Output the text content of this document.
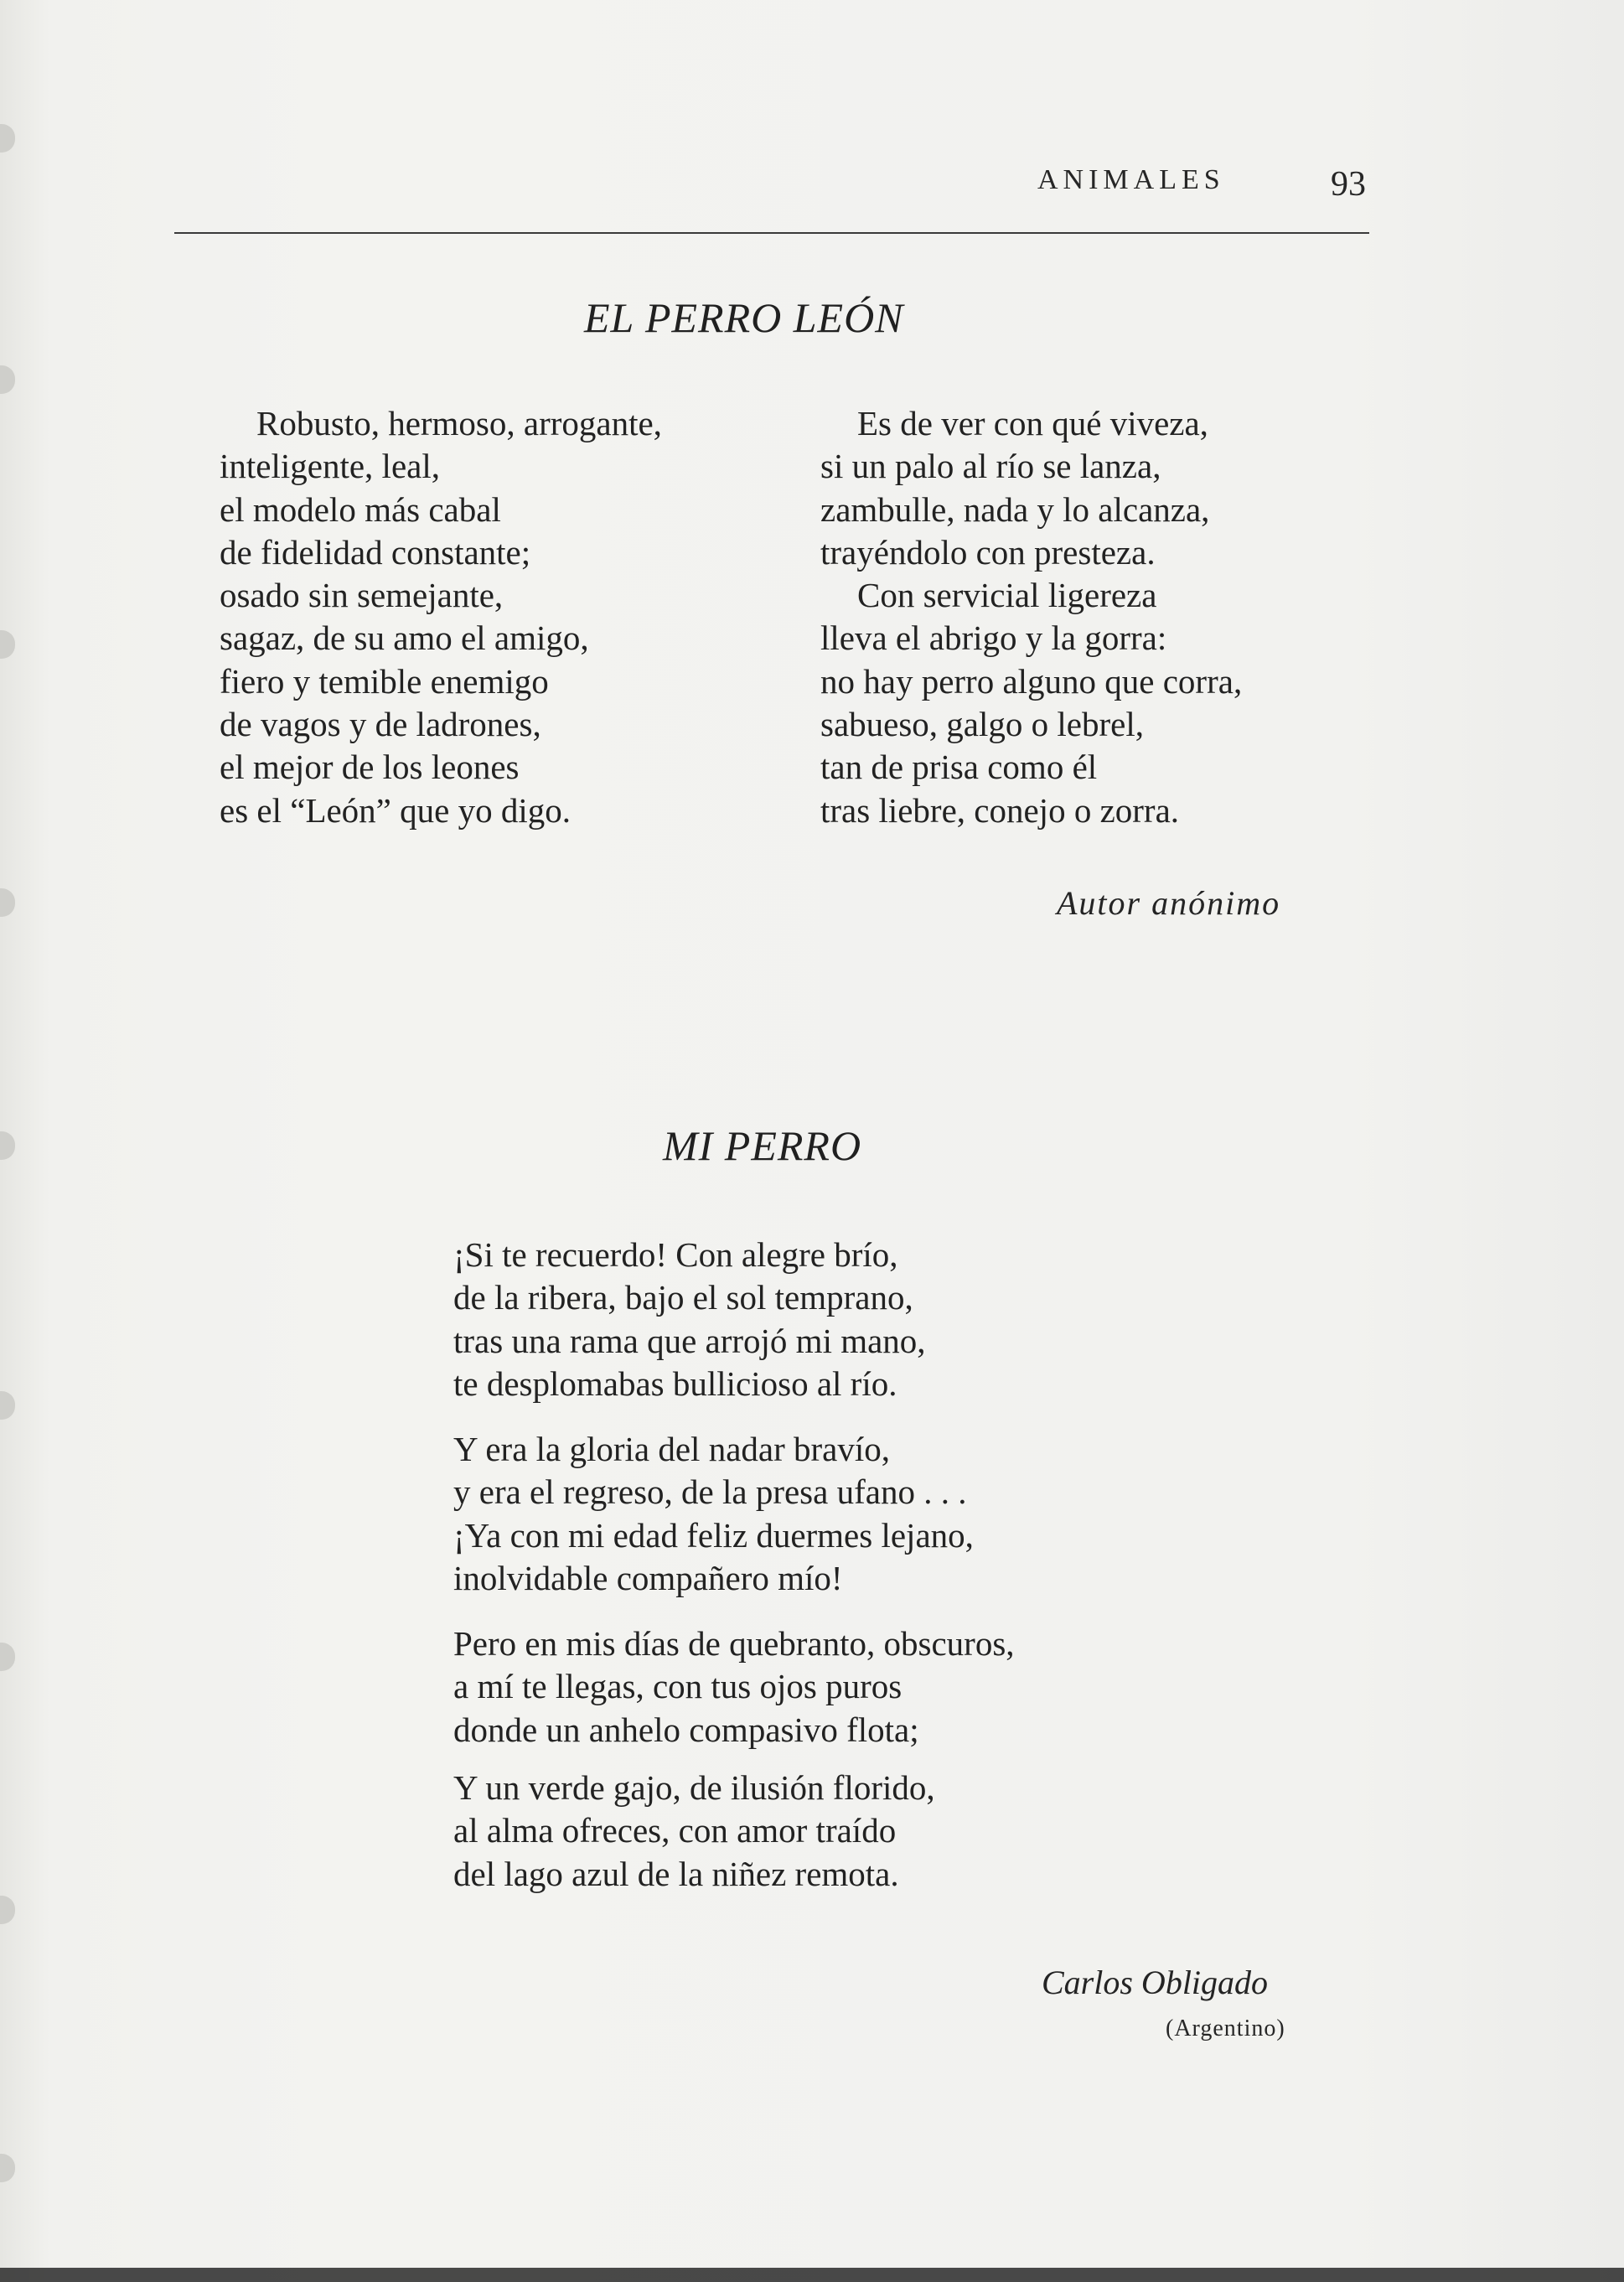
ANIMALES	93
EL PERRO LEÓN
Robusto, hermoso, arrogante,
inteligente, leal,
el modelo más cabal
de fidelidad constante;
osado sin semejante,
sagaz, de su amo el amigo,
fiero y temible enemigo
de vagos y de ladrones,
el mejor de los leones
es el “León” que yo digo.
Es de ver con qué viveza,
si un palo al río se lanza,
zambulle, nada y lo alcanza,
trayéndolo con presteza.
Con servicial ligereza
lleva el abrigo y la gorra:
no hay perro alguno que corra,
sabueso, galgo o lebrel,
tan de prisa como él
tras liebre, conejo o zorra.
Autor anónimo
MI PERRO
¡Si te recuerdo! Con alegre brío,
de la ribera, bajo el sol temprano,
tras una rama que arrojó mi mano,
te desplomabas bullicioso al río.
Y era la gloria del nadar bravío,
y era el regreso, de la presa ufano . . .
¡Ya con mi edad feliz duermes lejano,
inolvidable compañero mío!
Pero en mis días de quebranto, obscuros,
a mí te llegas, con tus ojos puros
donde un anhelo compasivo flota;
Y un verde gajo, de ilusión florido,
al alma ofreces, con amor traído
del lago azul de la niñez remota.
Carlos Obligado
(Argentino)
